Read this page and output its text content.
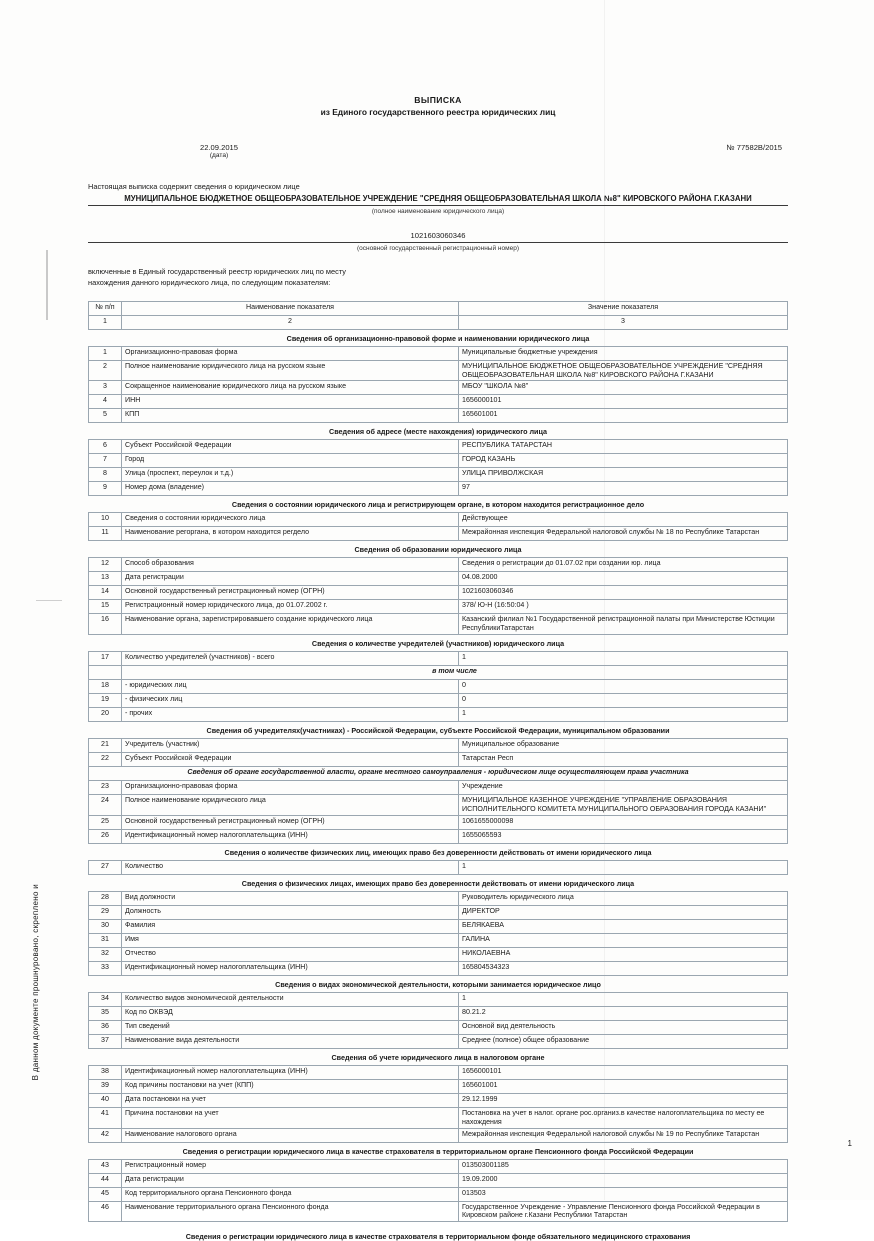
В данном документе прошнуровано, скреплено и
ВЫПИСКА
из Единого государственного реестра юридических лиц
22.09.2015
(дата)
№ 77582В/2015
Настоящая выписка содержит сведения о юридическом лице
МУНИЦИПАЛЬНОЕ БЮДЖЕТНОЕ ОБЩЕОБРАЗОВАТЕЛЬНОЕ УЧРЕЖДЕНИЕ "СРЕДНЯЯ ОБЩЕОБРАЗОВАТЕЛЬНАЯ ШКОЛА №8" КИРОВСКОГО РАЙОНА Г.КАЗАНИ
(полное наименование юридического лица)
1021603060346
(основной государственный регистрационный номер)
включенные в Единый государственный реестр юридических лиц по месту
нахождения данного юридического лица, по следующим показателям:
№ п/п	Наименование показателя	Значение показателя
1	2	3
Сведения об организационно-правовой форме и наименовании юридического лица		
1	Организационно-правовая форма	Муниципальные бюджетные учреждения
2	Полное наименование юридического лица на русском языке	МУНИЦИПАЛЬНОЕ БЮДЖЕТНОЕ ОБЩЕОБРАЗОВАТЕЛЬНОЕ УЧРЕЖДЕНИЕ "СРЕДНЯЯ ОБЩЕОБРАЗОВАТЕЛЬНАЯ ШКОЛА №8" КИРОВСКОГО РАЙОНА Г.КАЗАНИ
3	Сокращенное наименование юридического лица на русском языке	МБОУ "ШКОЛА №8"
4	ИНН	1656000101
5	КПП	165601001
Сведения об адресе (месте нахождения) юридического лица		
6	Субъект Российской Федерации	РЕСПУБЛИКА ТАТАРСТАН
7	Город	ГОРОД КАЗАНЬ
8	Улица (проспект, переулок и т.д.)	УЛИЦА ПРИВОЛЖСКАЯ
9	Номер дома (владение)	97
Сведения о состоянии юридического лица и регистрирующем органе, в котором находится регистрационное дело		
10	Сведения о состоянии юридического лица	Действующее
11	Наименование регоргана, в котором находится регдело	Межрайонная инспекция Федеральной налоговой службы № 18 по Республике Татарстан
Сведения об образовании юридического лица		
12	Способ образования	Сведения о регистрации до 01.07.02 при создании юр. лица
13	Дата регистрации	04.08.2000
14	Основной государственный регистрационный номер (ОГРН)	1021603060346
15	Регистрационный номер юридического лица, до 01.07.2002 г.	378/ Ю-Н (16:50:04 )
16	Наименование органа, зарегистрировавшего создание юридического лица	Казанский филиал №1 Государственной регистрационной палаты при Министерстве Юстиции РеспубликиТатарстан
Сведения о количестве учредителей (участников) юридического лица		
17	Количество учредителей (участников) - всего	1
	в том числе	
18	- юридических лиц	0
19	- физических лиц	0
20	- прочих	1
Сведения об учредителях(участниках) - Российской Федерации, субъекте Российской Федерации, муниципальном образовании		
21	Учредитель (участник)	Муниципальное образование
22	Субъект Российской Федерации	Татарстан Респ
Сведения об органе государственной власти, органе местного самоуправления - юридическом лице осуществляющем права участника		
23	Организационно-правовая форма	Учреждение
24	Полное наименование юридического лица	МУНИЦИПАЛЬНОЕ КАЗЕННОЕ УЧРЕЖДЕНИЕ "УПРАВЛЕНИЕ ОБРАЗОВАНИЯ ИСПОЛНИТЕЛЬНОГО КОМИТЕТА МУНИЦИПАЛЬНОГО ОБРАЗОВАНИЯ ГОРОДА КАЗАНИ"
25	Основной государственный регистрационный номер (ОГРН)	1061655000098
26	Идентификационный номер налогоплательщика (ИНН)	1655065593
Сведения о количестве физических лиц, имеющих право без доверенности действовать от имени юридического лица		
27	Количество	1
Сведения о физических лицах, имеющих право без доверенности действовать от имени юридического лица		
28	Вид должности	Руководитель юридического лица
29	Должность	ДИРЕКТОР
30	Фамилия	БЕЛЯКАЕВА
31	Имя	ГАЛИНА
32	Отчество	НИКОЛАЕВНА
33	Идентификационный номер налогоплательщика (ИНН)	165804534323
Сведения о видах экономической деятельности, которыми занимается юридическое лицо		
34	Количество видов экономической деятельности	1
35	Код по ОКВЭД	80.21.2
36	Тип сведений	Основной вид деятельность
37	Наименование вида деятельности	Среднее (полное) общее образование
Сведения об учете юридического лица в налоговом органе		
38	Идентификационный номер налогоплательщика (ИНН)	1656000101
39	Код причины постановки на учет (КПП)	165601001
40	Дата постановки на учет	29.12.1999
41	Причина постановки на учет	Постановка на учет в налог. органе рос.организ.в качестве налогоплательщика по месту ее нахождения
42	Наименование налогового органа	Межрайонная инспекция Федеральной налоговой службы № 19 по Республике Татарстан
Сведения о регистрации юридического лица в качестве страхователя в территориальном органе Пенсионного фонда Российской Федерации		
43	Регистрационный номер	013503001185
44	Дата регистрации	19.09.2000
45	Код территориального органа Пенсионного фонда	013503
46	Наименование территориального органа Пенсионного фонда	Государственное Учреждение - Управление Пенсионного фонда Российской Федерации в Кировском районе г.Казани Республики Татарстан
Сведения о регистрации юридического лица в качестве страхователя в территориальном фонде обязательного медицинского страхования
1
